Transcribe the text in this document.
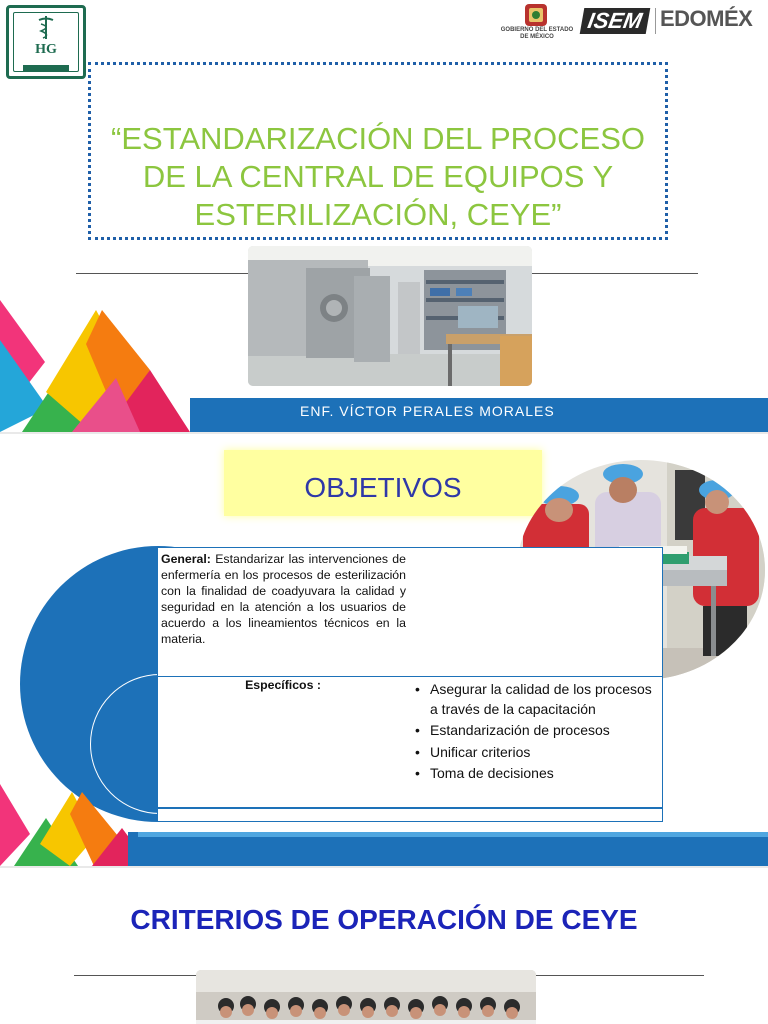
HG
GOBIERNO DEL ESTADO DE MÉXICO
ISEM EDOMÉX
“ESTANDARIZACIÓN DEL PROCESO DE LA CENTRAL DE EQUIPOS Y ESTERILIZACIÓN, CEYE”
ENF. VÍCTOR PERALES MORALES
OBJETIVOS
General: Estandarizar las intervenciones de enfermería en los procesos de esterilización con la finalidad de coadyuvara la calidad y seguridad en la atención a los usuarios de acuerdo a los lineamientos técnicos en la materia.
Específicos :
•	Asegurar la calidad de los procesos a través de la capacitación
• Estandarización de procesos
• Unificar criterios
• Toma de decisiones
CRITERIOS DE OPERACIÓN DE CEYE
